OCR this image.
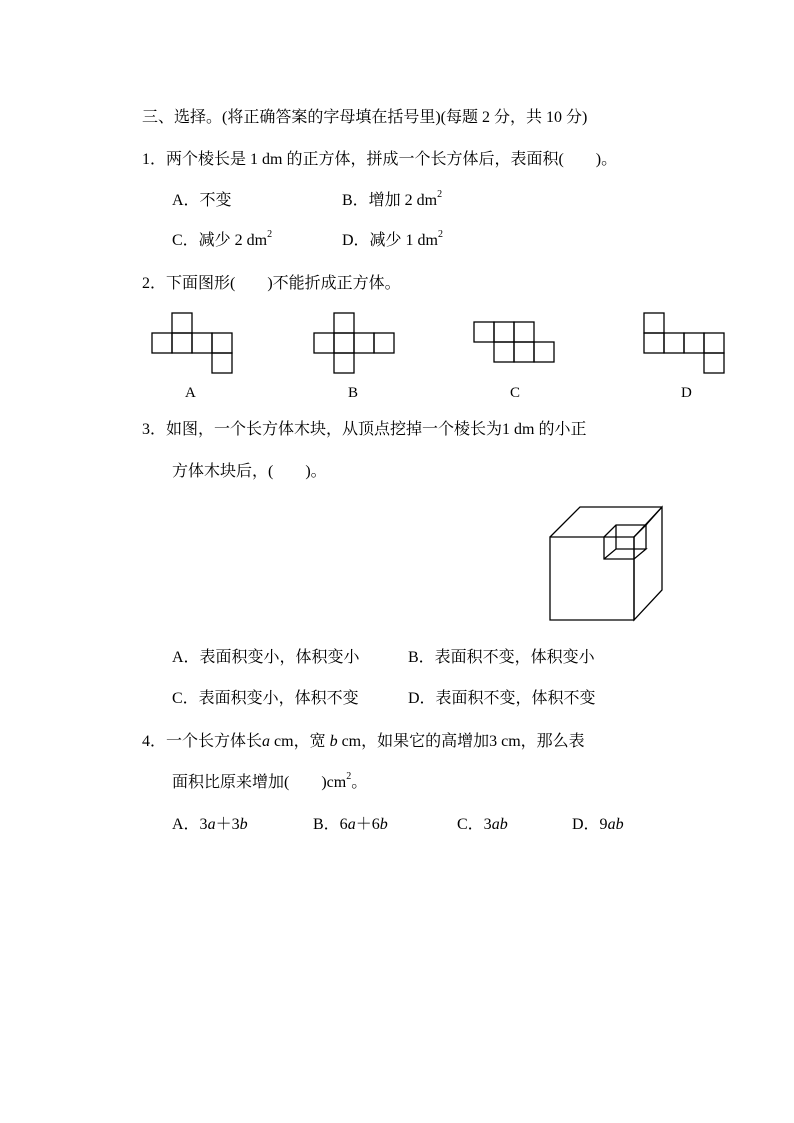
三、选择。(将正确答案的字母填在括号里)(每题 2 分，共 10 分)
1．两个棱长是 1 dm 的正方体，拼成一个长方体后，表面积(　　)。
A．不变	B．增加 2 $dm^2$
C．减少 2 $dm^2$	D．减少 1 $dm^2$
2．下面图形(　　)不能折成正方体。
A	B	C	D
3．如图，一个长方体木块，从顶点挖掉一个棱长为1 dm 的小正
方体木块后，(　　)。
A．表面积变小，体积变小	B．表面积不变，体积变小
C．表面积变小，体积不变	D．表面积不变，体积不变
4．一个长方体长a cm，宽 b cm，如果它的高增加3 cm，那么表
面积比原来增加(　　)$cm^2$。
A．3a＋3b	B．6a＋6b	C．3ab	D．9ab
